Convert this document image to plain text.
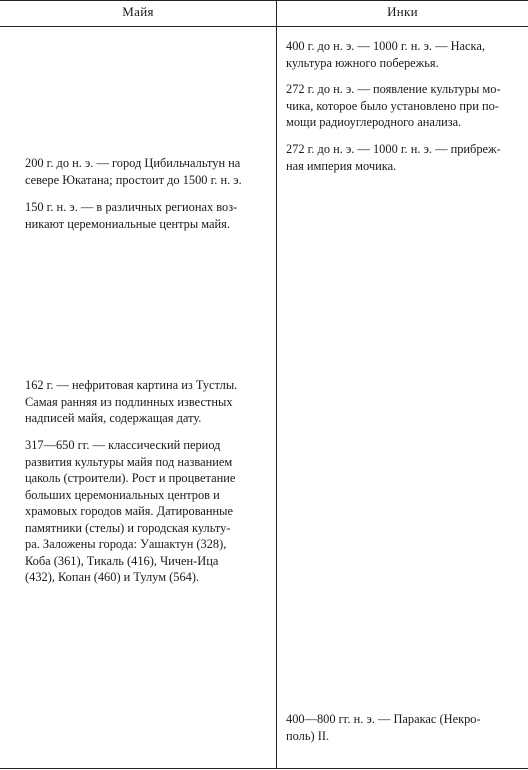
Майя	Инки
200 г. до н. э. — город Цибильчальтун на
севере Юкатана; простоит до 1500 г. н. э.
150 г. н. э. — в различных регионах воз-
никают церемониальные центры майя.
162 г. — нефритовая картина из Тустлы.
Самая ранняя из подлинных известных
надписей майя, содержащая дату.
317—650 гг. — классический период
развития культуры майя под названием
цаколь (строители). Рост и процветание
больших церемониальных центров и
храмовых городов майя. Датированные
памятники (стелы) и городская культу-
ра. Заложены города: Уашактун (328),
Коба (361), Тикаль (416), Чичен-Ица
(432), Копан (460) и Тулум (564).
400 г. до н. э. — 1000 г. н. э. — Наска,
культура южного побережья.
272 г. до н. э. — появление культуры мо-
чика, которое было установлено при по-
мощи радиоуглеродного анализа.
272 г. до н. э. — 1000 г. н. э. — прибреж-
ная империя мочика.
400—800 гг. н. э. — Паракас (Некро-
поль) II.
